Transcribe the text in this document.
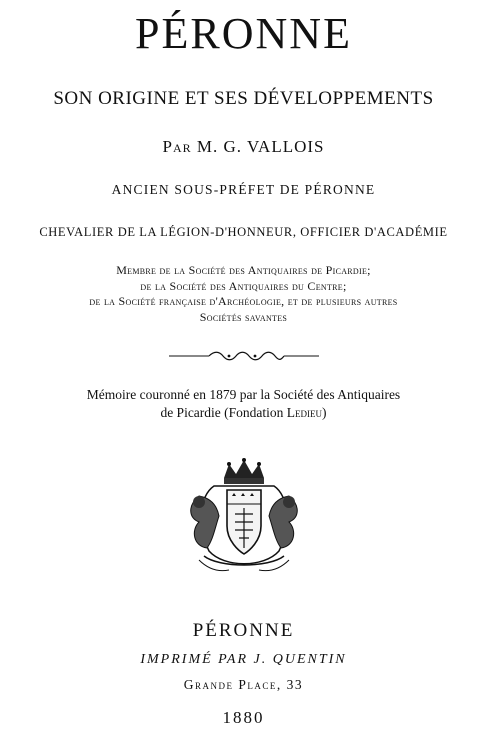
PÉRONNE
SON ORIGINE ET SES DÉVELOPPEMENTS
Par M. G. VALLOIS
ANCIEN SOUS-PRÉFET DE PÉRONNE
CHEVALIER DE LA LÉGION-D'HONNEUR, OFFICIER D'ACADÉMIE
Membre de la Société des Antiquaires de Picardie;
de la Société des Antiquaires du Centre;
de la Société française d'Archéologie, et de plusieurs autres
Sociétés savantes
Mémoire couronné en 1879 par la Société des Antiquaires
de Picardie (Fondation Ledieu)
PÉRONNE
IMPRIMÉ PAR J. QUENTIN
Grande Place, 33
1880
